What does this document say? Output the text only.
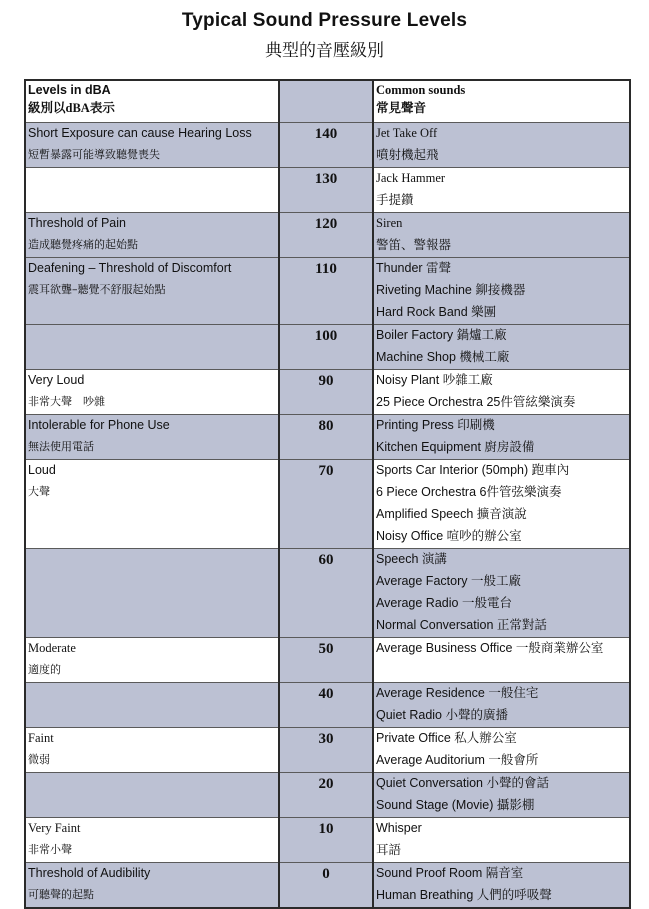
Typical Sound Pressure Levels
典型的音壓級別
Levels in dBA
級別以dBA表示		Common sounds
常見聲音

Short Exposure can cause Hearing Loss
短暫暴露可能導致聽覺喪失	140	Jet Take Off
噴射機起飛

	130	Jack Hammer
手提鑽

Threshold of Pain
造成聽覺疼痛的起始點	120	Siren
警笛、警報器

Deafening – Threshold of Discomfort
震耳欲聾–聽覺不舒服起始點	110	Thunder 雷聲
Riveting Machine 鉚接機器
Hard Rock Band 樂團

	100	Boiler Factory 鍋爐工廠
Machine Shop 機械工廠

Very Loud
非常大聲　吵雜	90	Noisy Plant 吵雜工廠
25 Piece Orchestra 25件管絃樂演奏

Intolerable for Phone Use
無法使用電話	80	Printing Press 印刷機
Kitchen Equipment 廚房設備

Loud
大聲	70	Sports Car Interior (50mph) 跑車內
6 Piece Orchestra 6件管弦樂演奏
Amplified Speech 擴音演說
Noisy Office 喧吵的辦公室

	60	Speech 演講
Average Factory 一般工廠
Average Radio 一般電台
Normal Conversation 正常對話

Moderate
適度的	50	Average Business Office 一般商業辦公室

	40	Average Residence 一般住宅
Quiet Radio 小聲的廣播

Faint
微弱	30	Private Office 私人辦公室
Average Auditorium 一般會所

	20	Quiet Conversation 小聲的會話
Sound Stage (Movie) 攝影棚

Very Faint
非常小聲	10	Whisper
耳語

Threshold of Audibility
可聽聲的起點	0	Sound Proof Room 隔音室
Human Breathing 人們的呼吸聲
